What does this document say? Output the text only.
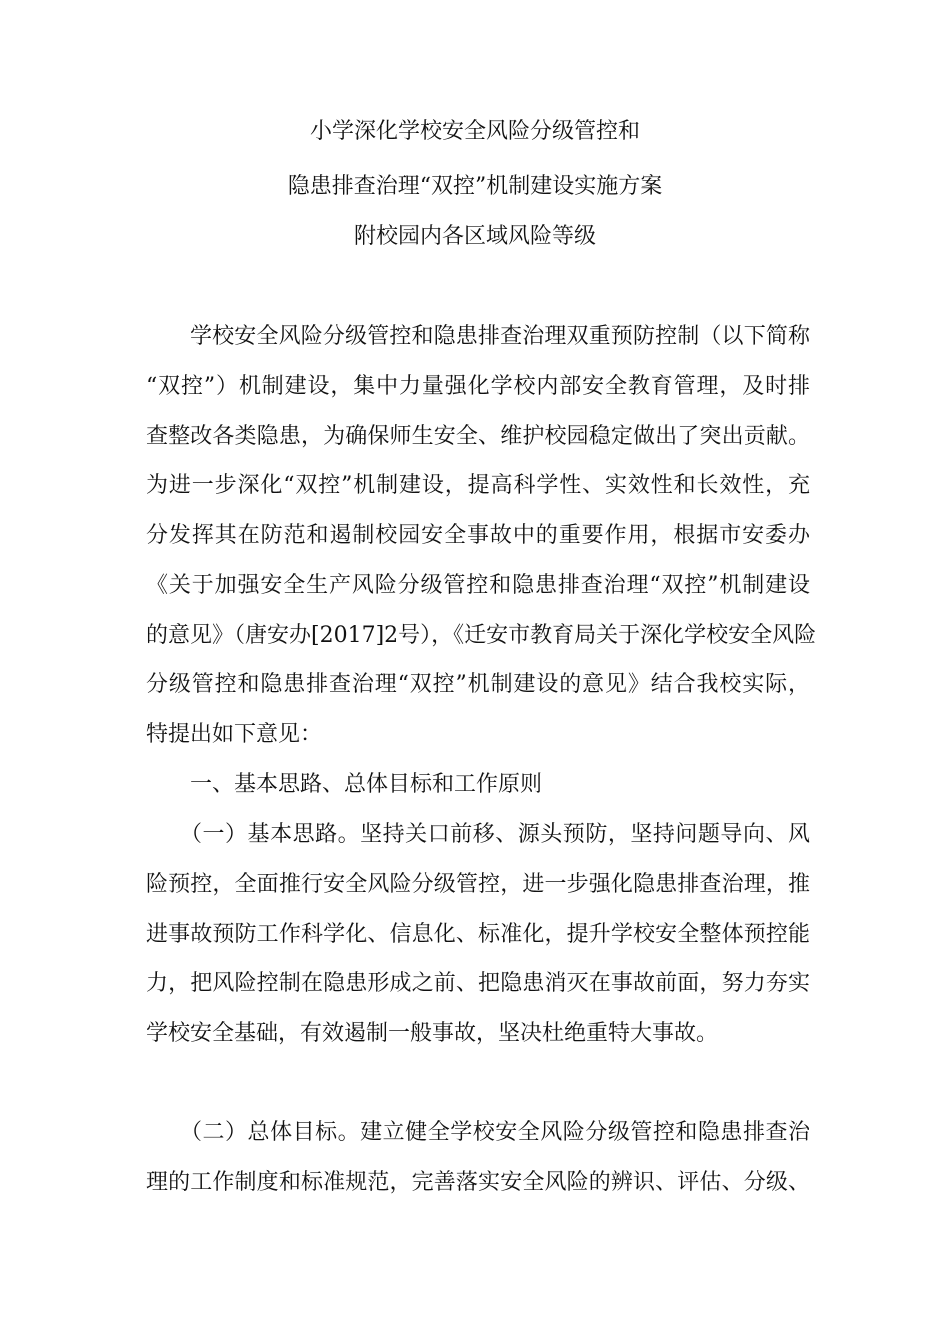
小学深化学校安全风险分级管控和
隐患排查治理“双控”机制建设实施方案
附校园内各区域风险等级
学校安全风险分级管控和隐患排查治理双重预防控制（以下简称
“双控”）机制建设，集中力量强化学校内部安全教育管理，及时排
查整改各类隐患，为确保师生安全、维护校园稳定做出了突出贡献。
为进一步深化“双控”机制建设，提高科学性、实效性和长效性，充
分发挥其在防范和遏制校园安全事故中的重要作用，根据市安委办
《关于加强安全生产风险分级管控和隐患排查治理“双控”机制建设
的意见》（唐安办[2017]2号），《迁安市教育局关于深化学校安全风险
分级管控和隐患排查治理“双控”机制建设的意见》结合我校实际，
特提出如下意见：
一、基本思路、总体目标和工作原则
（一）基本思路。坚持关口前移、源头预防，坚持问题导向、风
险预控，全面推行安全风险分级管控，进一步强化隐患排查治理，推
进事故预防工作科学化、信息化、标准化，提升学校安全整体预控能
力，把风险控制在隐患形成之前、把隐患消灭在事故前面，努力夯实
学校安全基础，有效遏制一般事故，坚决杜绝重特大事故。
（二）总体目标。建立健全学校安全风险分级管控和隐患排查治
理的工作制度和标准规范，完善落实安全风险的辨识、评估、分级、
